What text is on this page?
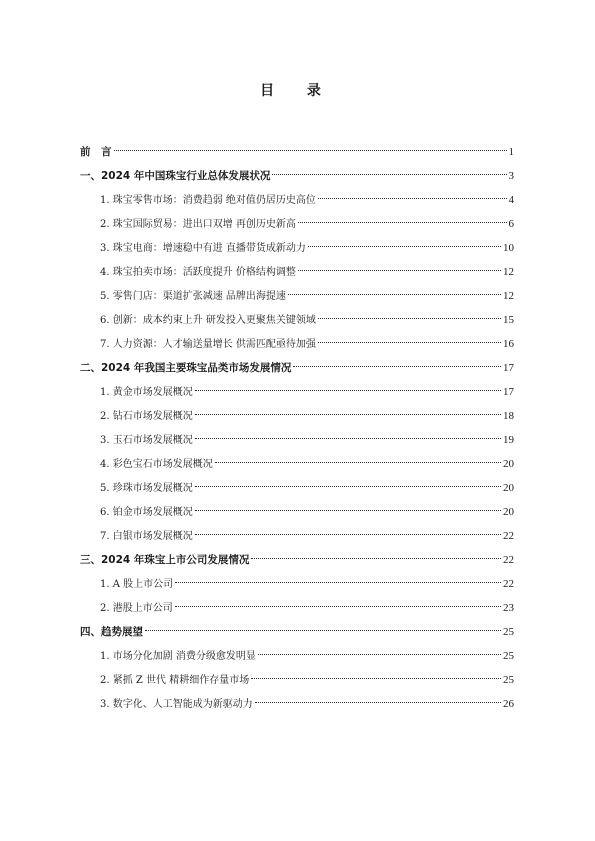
目 录
前　言	1
一、2024 年中国珠宝行业总体发展状况	3
1. 珠宝零售市场：消费趋弱 绝对值仍居历史高位	4
2. 珠宝国际贸易：进出口双增 再创历史新高	6
3. 珠宝电商：增速稳中有进 直播带货成新动力	10
4. 珠宝拍卖市场：活跃度提升 价格结构调整	12
5. 零售门店：渠道扩张减速 品牌出海提速	12
6. 创新：成本约束上升 研发投入更聚焦关键领域	15
7. 人力资源：人才输送量增长 供需匹配亟待加强	16
二、2024 年我国主要珠宝品类市场发展情况	17
1. 黄金市场发展概况	17
2. 钻石市场发展概况	18
3. 玉石市场发展概况	19
4. 彩色宝石市场发展概况	20
5. 珍珠市场发展概况	20
6. 铂金市场发展概况	20
7. 白银市场发展概况	22
三、2024 年珠宝上市公司发展情况	22
1. A 股上市公司	22
2. 港股上市公司	23
四、趋势展望	25
1. 市场分化加剧 消费分级愈发明显	25
2. 紧抓 Z 世代 精耕细作存量市场	25
3. 数字化、人工智能成为新驱动力	26
